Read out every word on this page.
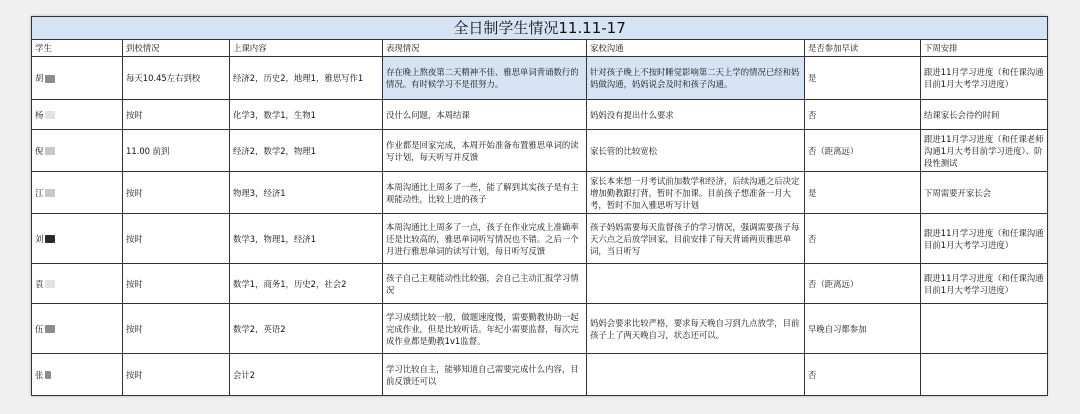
全日制学生情况11.11-17						
学生	到校情况	上课内容	表现情况	家校沟通	是否参加早读	下周安排
胡	每天10.45左右到校	经济2，历史2，地理1，雅思写作1	存在晚上熬夜第二天精神不佳、雅思单词背诵数行的情况。有时候学习不是很努力。	针对孩子晚上不按时睡觉影响第二天上学的情况已经和妈妈做沟通，妈妈说会及时和孩子沟通。	是	跟进11月学习进度（和任课沟通目前1月大考学习进度）
杨	按时	化学3，数学1，生物1	没什么问题，本周结课	妈妈没有提出什么要求	否	结课家长会待约时间
倪	11.00 前到	经济2，数学2，物理1	作业都是回家完成，本周开始准备布置雅思单词的读写计划，每天听写并反馈	家长管的比较宽松	否（距离远）	跟进11月学习进度（和任课老师沟通1月大考目前学习进度）、阶段性测试
江	按时	物理3，经济1	本周沟通比上周多了一些，能了解到其实孩子是有主观能动性，比较上进的孩子	家长本来想一月考试前加数学和经济，后续沟通之后决定增加勤教跟打背，暂时不加课。目前孩子想准备一月大考，暂时不加入雅思听写计划	是	下周需要开家长会
刘	按时	数学3，物理1，经济1	本周沟通比上周多了一点，孩子在作业完成上准确率还是比较高的，雅思单词听写情况也不错。之后一个月进行雅思单词的读写计划，每日听写反馈	孩子妈妈需要每天监督孩子的学习情况，强调需要孩子每天六点之后放学回家，目前安排了每天背诵两页雅思单词，当日听写	否	跟进11月学习进度（和任课沟通目前1月大考学习进度）
袁	按时	数学1，商务1，历史2，社会2	孩子自己主观能动性比较强，会自己主动汇报学习情况		否（距离远）	跟进11月学习进度（和任课沟通目前1月大考学习进度）
伍	按时	数学2，英语2	学习成绩比较一般，做题速度慢，需要勤教协助一起完成作业，但是比较听话。年纪小需要监督，每次完成作业都是勤教1v1监督。	妈妈会要求比较严格，要求每天晚自习到九点放学，目前孩子上了两天晚自习，状态还可以。	早晚自习都参加	
张	按时	会计2	学习比较自主，能够知道自己需要完成什么内容，目前反馈还可以		否	
